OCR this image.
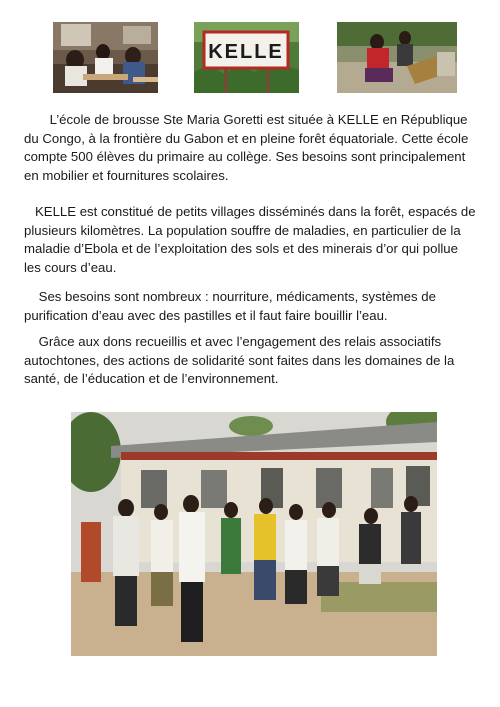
KELLE

L’école de brousse Ste Maria Goretti est située à KELLE en République du Congo, à la frontière du Gabon et en pleine forêt équatoriale. Cette école compte 500 élèves du primaire au collège. Ses besoins sont principalement en mobilier et fournitures scolaires.

KELLE est constitué de petits villages disséminés dans la forêt, espacés de plusieurs kilomètres. La population souffre de maladies, en particulier de la maladie d’Ebola et de l’exploitation des sols et des minerais d’or qui pollue les cours d’eau.

Ses besoins sont nombreux : nourriture, médicaments, systèmes de purification d’eau avec des pastilles et il faut faire bouillir l’eau.

Grâce aux dons recueillis et avec l’engagement des relais associatifs autochtones, des actions de solidarité sont faites dans les domaines de la santé, de l’éducation et de l’environnement.
